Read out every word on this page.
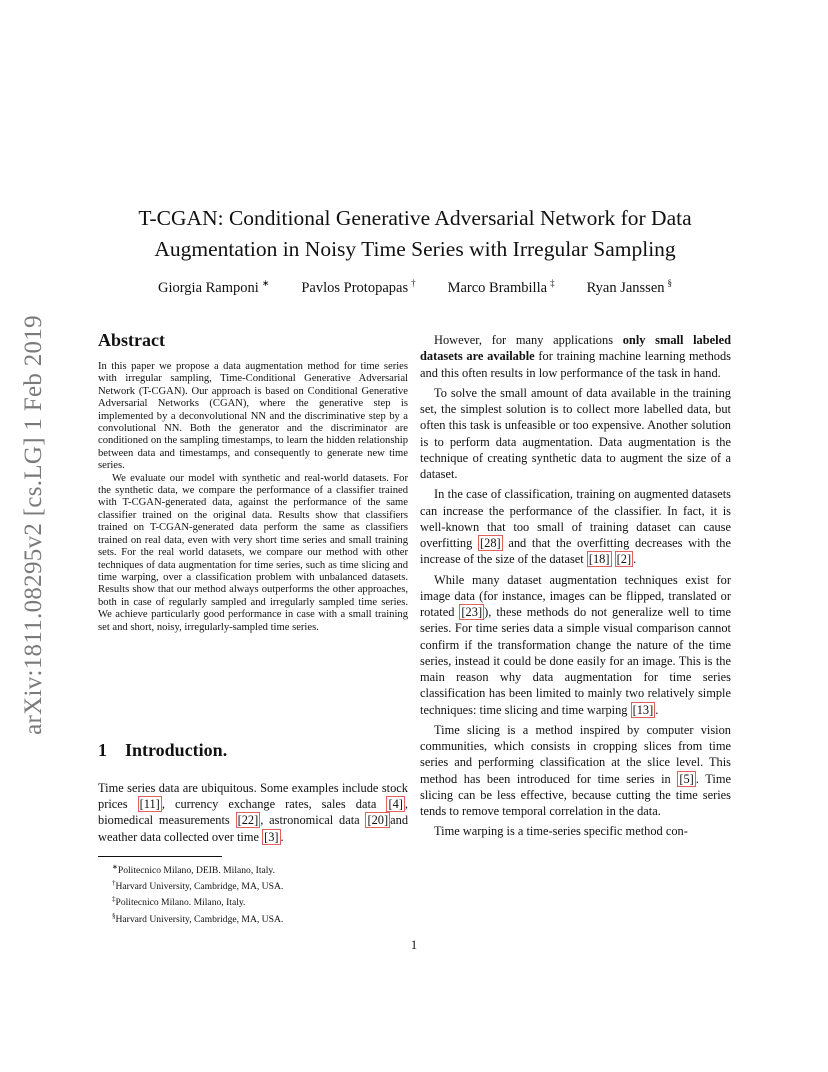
arXiv:1811.08295v2 [cs.LG] 1 Feb 2019
T-CGAN: Conditional Generative Adversarial Network for Data
Augmentation in Noisy Time Series with Irregular Sampling
Giorgia Ramponi ∗ Pavlos Protopapas † Marco Brambilla ‡ Ryan Janssen §
Abstract

In this paper we propose a data augmentation method for time series with irregular sampling, Time-Conditional Generative Adversarial Network (T-CGAN). Our approach is based on Conditional Generative Adversarial Networks (CGAN), where the generative step is implemented by a deconvolutional NN and the discriminative step by a convolutional NN. Both the generator and the discriminator are conditioned on the sampling timestamps, to learn the hidden relationship between data and timestamps, and consequently to generate new time series.

We evaluate our model with synthetic and real-world datasets. For the synthetic data, we compare the performance of a classifier trained with T-CGAN-generated data, against the performance of the same classifier trained on the original data. Results show that classifiers trained on T-CGAN-generated data perform the same as classifiers trained on real data, even with very short time series and small training sets. For the real world datasets, we compare our method with other techniques of data augmentation for time series, such as time slicing and time warping, over a classification problem with unbalanced datasets. Results show that our method always outperforms the other approaches, both in case of regularly sampled and irregularly sampled time series. We achieve particularly good performance in case with a small training set and short, noisy, irregularly-sampled time series.

1 Introduction.

Time series data are ubiquitous. Some examples include stock prices [11] , currency exchange rates, sales data [4] , biomedical measurements [22] , astronomical data [20] and weather data collected over time [3] .

∗Politecnico Milano, DEIB. Milano, Italy.
†Harvard University, Cambridge, MA, USA.
‡Politecnico Milano. Milano, Italy.
§Harvard University, Cambridge, MA, USA.

However, for many applications only small labeled datasets are available for training machine learning methods and this often results in low performance of the task in hand.

To solve the small amount of data available in the training set, the simplest solution is to collect more labelled data, but often this task is unfeasible or too expensive. Another solution is to perform data augmentation. Data augmentation is the technique of creating synthetic data to augment the size of a dataset.

In the case of classification, training on augmented datasets can increase the performance of the classifier. In fact, it is well-known that too small of training dataset can cause overfitting [28] and that the overfitting decreases with the increase of the size of the dataset [18] [2] .

While many dataset augmentation techniques exist for image data (for instance, images can be flipped, translated or rotated [23] ), these methods do not generalize well to time series. For time series data a simple visual comparison cannot confirm if the transformation change the nature of the time series, instead it could be done easily for an image. This is the main reason why data augmentation for time series classification has been limited to mainly two relatively simple techniques: time slicing and time warping [13] .

Time slicing is a method inspired by computer vision communities, which consists in cropping slices from time series and performing classification at the slice level. This method has been introduced for time series in [5] . Time slicing can be less effective, because cutting the time series tends to remove temporal correlation in the data.

Time warping is a time-series specific method con-

1
